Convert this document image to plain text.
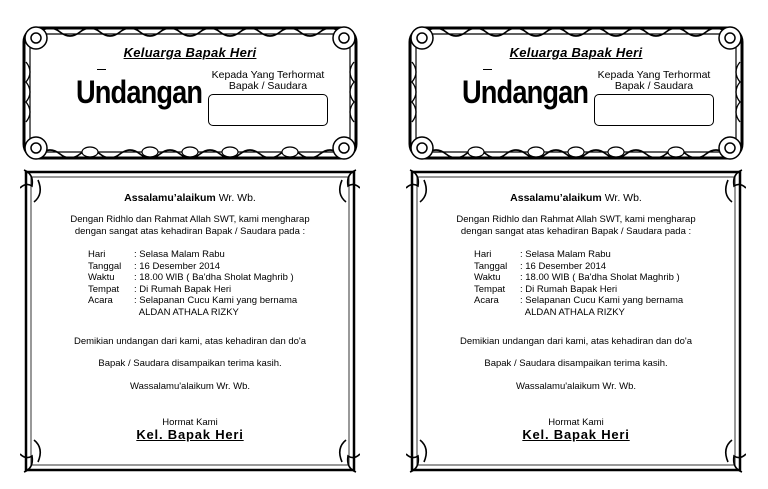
Keluarga Bapak Heri
Undangan Kepada Yang Terhormat
Bapak / Saudara
Assalamu’alaikum Wr. Wb.
Dengan Ridhlo dan Rahmat Allah SWT, kami mengharap
dengan sangat atas kehadiran Bapak / Saudara pada :
Hari	: Selasa Malam Rabu
Tanggal	: 16 Desember 2014
Waktu	: 18.00 WIB ( Ba'dha Sholat Maghrib )
Tempat	: Di Rumah Bapak Heri
Acara	: Selapanan Cucu Kami yang bernama
ALDAN ATHALA RIZKY
Demikian undangan dari kami, atas kehadiran dan do'a
Bapak / Saudara disampaikan terima kasih.
Wassalamu'alaikum Wr. Wb.
Hormat Kami
Kel. Bapak Heri
Keluarga Bapak Heri
Undangan Kepada Yang Terhormat
Bapak / Saudara
Assalamu’alaikum Wr. Wb.
Dengan Ridhlo dan Rahmat Allah SWT, kami mengharap
dengan sangat atas kehadiran Bapak / Saudara pada :
Hari	: Selasa Malam Rabu
Tanggal	: 16 Desember 2014
Waktu	: 18.00 WIB ( Ba'dha Sholat Maghrib )
Tempat	: Di Rumah Bapak Heri
Acara	: Selapanan Cucu Kami yang bernama
ALDAN ATHALA RIZKY
Demikian undangan dari kami, atas kehadiran dan do'a
Bapak / Saudara disampaikan terima kasih.
Wassalamu'alaikum Wr. Wb.
Hormat Kami
Kel. Bapak Heri
